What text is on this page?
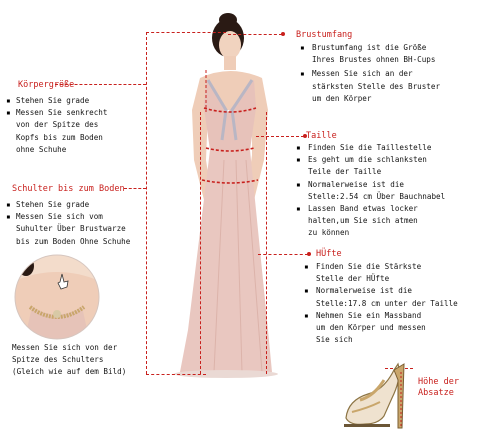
Körpergröße
▪ Stehen Sie grade
▪ Messen Sie senkrecht
von der Spitze des
Kopfs bis zum Boden
ohne Schuhe
Schulter bis zum Boden
▪ Stehen Sie grade
▪ Messen Sie sich vom
Suhulter Über Brustwarze
bis zum Boden Ohne Schuhe
Messen Sie sich von der
Spitze des Schulters
(Gleich wie auf dem Bild)
Brustumfang
▪ Brustumfang ist die Größe
Ihres Brustes ohnen BH-Cups
▪ Messen Sie sich an der
stärksten Stelle des Bruster
um den Körper
Taille
▪ Finden Sie die Taillestelle
▪ Es geht um die schlanksten
Teile der Taille
▪ Normalerweise ist die
Stelle:2.54 cm Über Bauchnabel
▪ Lassen Band etwas locker
halten,um Sie sich atmen
zu können
HÜfte
▪ Finden Sie die Stärkste
Stelle der HÜfte
▪ Normalerweise ist die
Stelle:17.8 cm unter der Taille
▪ Nehmen Sie ein Massband
um den Körper und messen
Sie sich
Höhe der
Absatze
